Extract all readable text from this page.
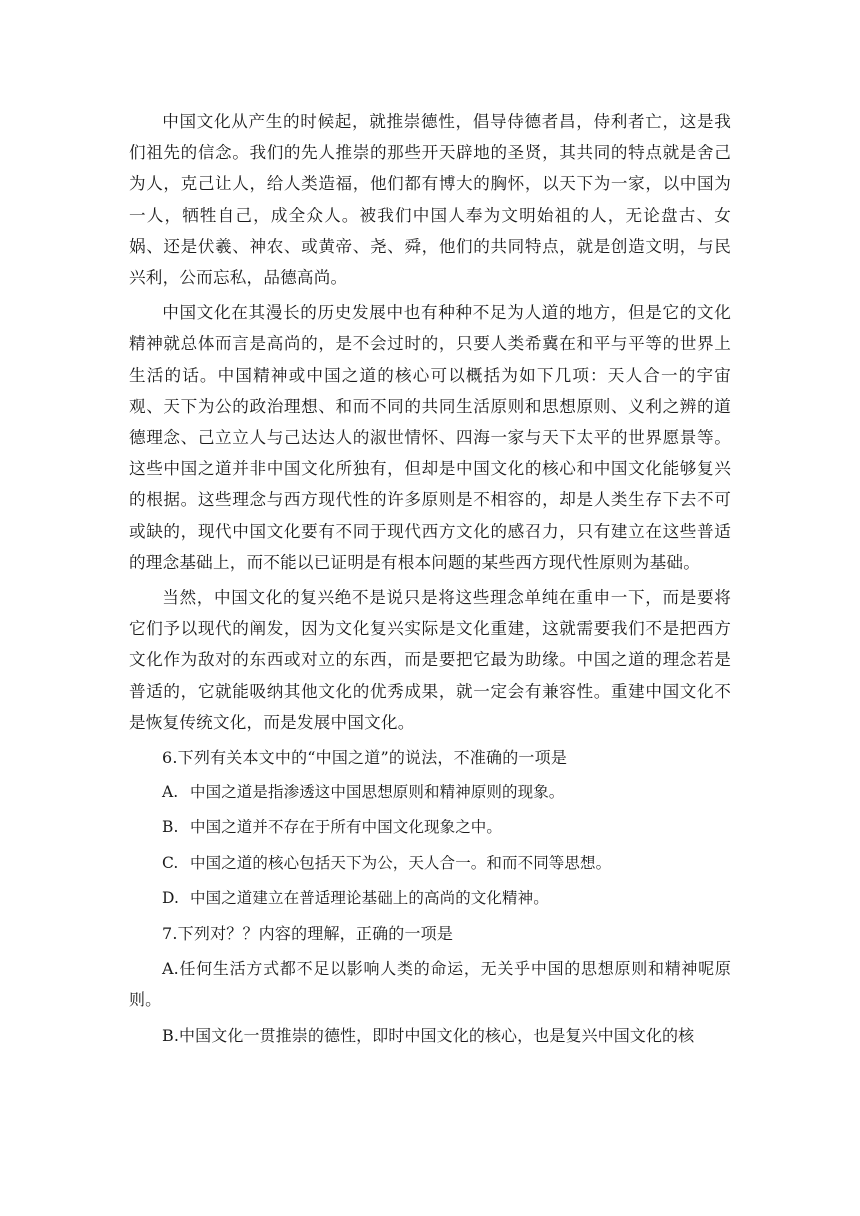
中国文化从产生的时候起，就推崇德性，倡导侍德者昌，侍利者亡，这是我们祖先的信念。我们的先人推崇的那些开天辟地的圣贤，其共同的特点就是舍己为人，克己让人，给人类造福，他们都有博大的胸怀，以天下为一家，以中国为一人，牺牲自己，成全众人。被我们中国人奉为文明始祖的人，无论盘古、女娲、还是伏羲、神农、或黄帝、尧、舜，他们的共同特点，就是创造文明，与民兴利，公而忘私，品德高尚。

中国文化在其漫长的历史发展中也有种种不足为人道的地方，但是它的文化精神就总体而言是高尚的，是不会过时的，只要人类希冀在和平与平等的世界上生活的话。中国精神或中国之道的核心可以概括为如下几项：天人合一的宇宙观、天下为公的政治理想、和而不同的共同生活原则和思想原则、义利之辨的道德理念、己立立人与己达达人的淑世情怀、四海一家与天下太平的世界愿景等。这些中国之道并非中国文化所独有，但却是中国文化的核心和中国文化能够复兴的根据。这些理念与西方现代性的许多原则是不相容的，却是人类生存下去不可或缺的，现代中国文化要有不同于现代西方文化的感召力，只有建立在这些普适的理念基础上，而不能以已证明是有根本问题的某些西方现代性原则为基础。

当然，中国文化的复兴绝不是说只是将这些理念单纯在重申一下，而是要将它们予以现代的阐发，因为文化复兴实际是文化重建，这就需要我们不是把西方文化作为敌对的东西或对立的东西，而是要把它最为助缘。中国之道的理念若是普适的，它就能吸纳其他文化的优秀成果，就一定会有兼容性。重建中国文化不是恢复传统文化，而是发展中国文化。

6.下列有关本文中的“中国之道”的说法，不准确的一项是

A. 中国之道是指渗透这中国思想原则和精神原则的现象。

B. 中国之道并不存在于所有中国文化现象之中。

C. 中国之道的核心包括天下为公，天人合一。和而不同等思想。

D. 中国之道建立在普适理论基础上的高尚的文化精神。

7.下列对？？内容的理解，正确的一项是

A.任何生活方式都不足以影响人类的命运，无关乎中国的思想原则和精神呢原则。

B.中国文化一贯推崇的德性，即时中国文化的核心，也是复兴中国文化的核
